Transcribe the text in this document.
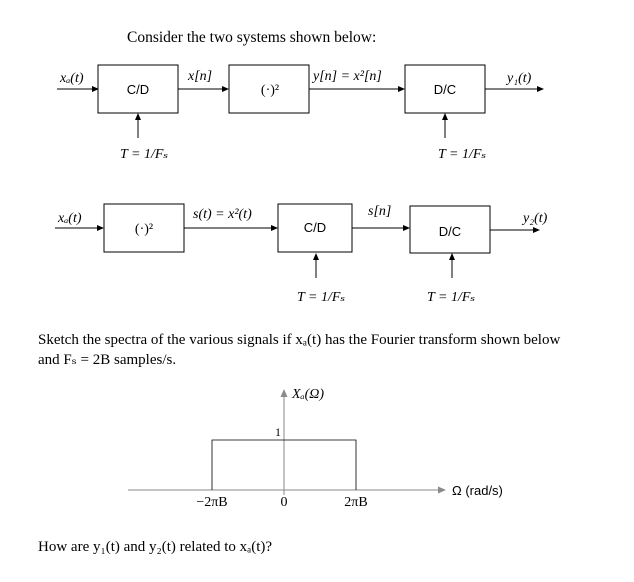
Consider the two systems shown below:
xₐ(t)
C/D
x[n]
(·)²
y[n] = x²[n]
D/C
y₁(t)
T = 1/Fₛ	T = 1/Fₛ
xₐ(t)
(·)²
s(t) = x²(t)
C/D
s[n]
D/C
y₂(t)
T = 1/Fₛ	T = 1/Fₛ
Sketch the spectra of the various signals if xₐ(t) has the Fourier transform shown below
and Fₛ = 2B samples/s.
Ω (rad/s)
Xₐ(Ω)
1
−2πB	0	2πB
How are y₁(t) and y₂(t) related to xₐ(t)?
